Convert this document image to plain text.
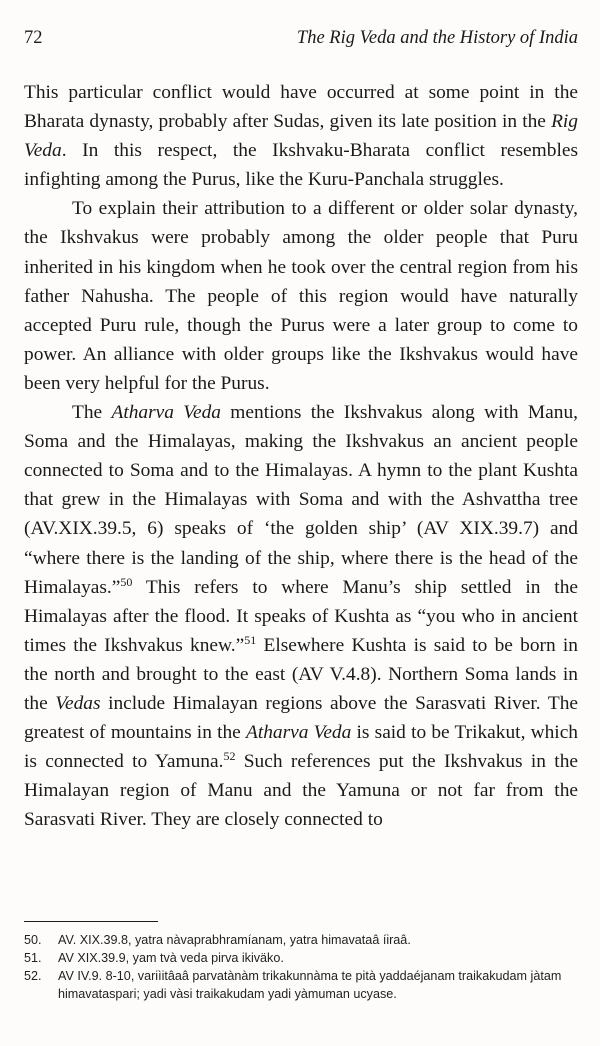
72	The Rig Veda and the History of India

This particular conflict would have occurred at some point in the Bharata dynasty, probably after Sudas, given its late position in the Rig Veda. In this respect, the Ikshvaku-Bharata conflict resembles infighting among the Purus, like the Kuru-Panchala struggles.

To explain their attribution to a different or older solar dynasty, the Ikshvakus were probably among the older people that Puru inherited in his kingdom when he took over the central region from his father Nahusha. The people of this region would have naturally accepted Puru rule, though the Purus were a later group to come to power. An alliance with older groups like the Ikshvakus would have been very helpful for the Purus.

The Atharva Veda mentions the Ikshvakus along with Manu, Soma and the Himalayas, making the Ikshvakus an ancient people connected to Soma and to the Himalayas. A hymn to the plant Kushta that grew in the Himalayas with Soma and with the Ashvattha tree (AV.XIX.39.5, 6) speaks of ‘the golden ship’ (AV XIX.39.7) and “where there is the landing of the ship, where there is the head of the Himalayas.”$^{50}$ This refers to where Manu’s ship settled in the Himalayas after the flood. It speaks of Kushta as “you who in ancient times the Ikshvakus knew.”$^{51}$ Elsewhere Kushta is said to be born in the north and brought to the east (AV V.4.8). Northern Soma lands in the Vedas include Himalayan regions above the Sarasvati River. The greatest of mountains in the Atharva Veda is said to be Trikakut, which is connected to Yamuna.$^{52}$ Such references put the Ikshvakus in the Himalayan region of Manu and the Yamuna or not far from the Sarasvati River. They are closely connected to

50.	AV. XIX.39.8, yatra nàvaprabhramíanam, yatra himavataâ íiraâ.
51.	AV XIX.39.9, yam tvà veda pirva ikiväko.
52.	AV IV.9. 8-10, variìitâaâ parvatànàm trikakunnàma te pità yaddaéjanam traikakudam jàtam himavataspari; yadi vàsi traikakudam yadi yàmuman ucyase.
